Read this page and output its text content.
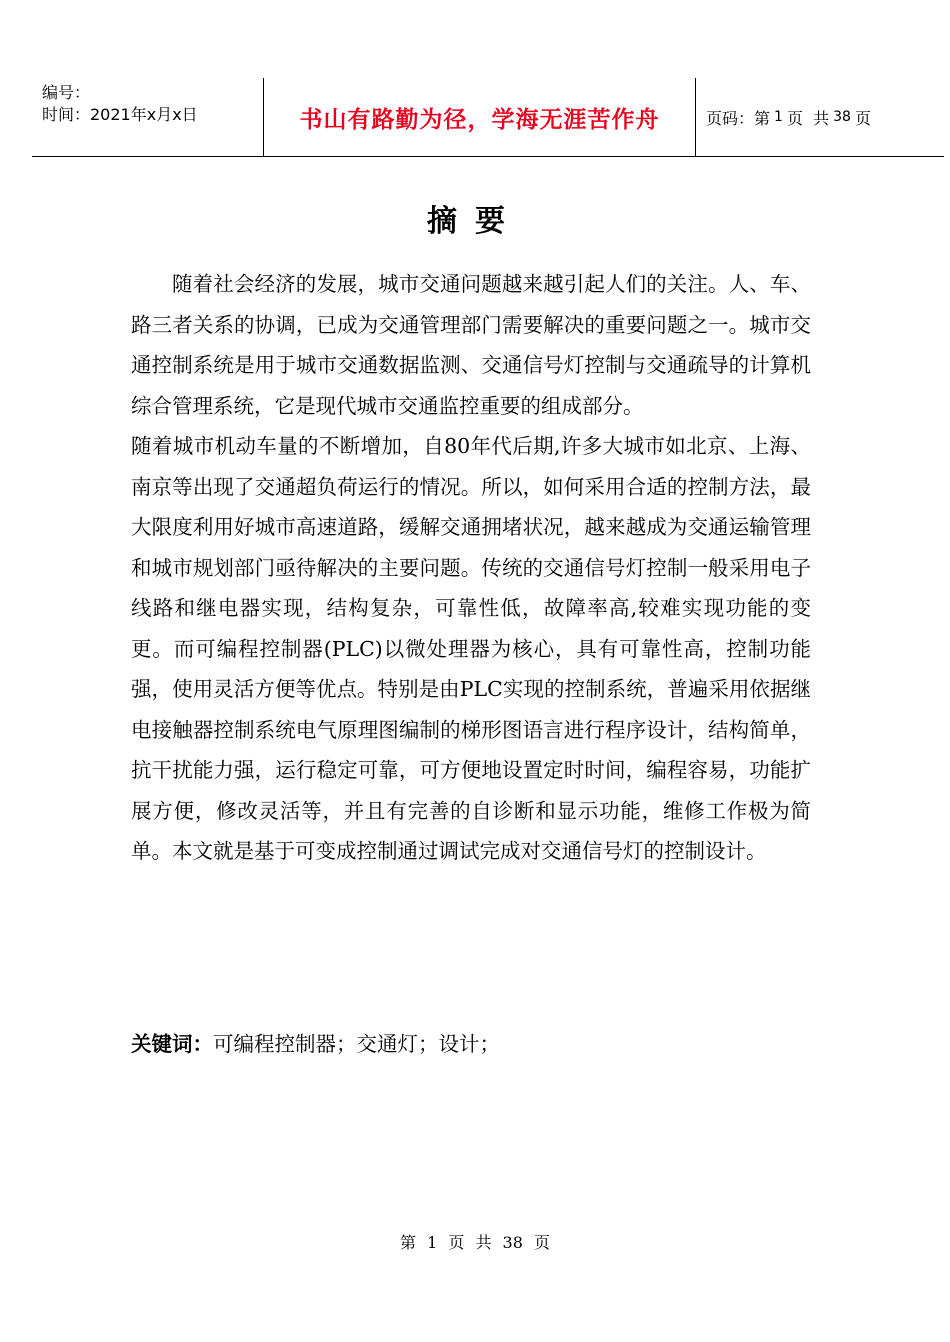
编号：
时间：2021年x月x日	书山有路勤为径，学海无涯苦作舟	页码：第 1 页  共 38 页
摘要

随着社会经济的发展，城市交通问题越来越引起人们的关注。人、车、路三者关系的协调，已成为交通管理部门需要解决的重要问题之一。城市交通控制系统是用于城市交通数据监测、交通信号灯控制与交通疏导的计算机综合管理系统，它是现代城市交通监控重要的组成部分。

随着城市机动车量的不断增加，自80年代后期,许多大城市如北京、上海、南京等出现了交通超负荷运行的情况。所以，如何采用合适的控制方法，最大限度利用好城市高速道路，缓解交通拥堵状况，越来越成为交通运输管理和城市规划部门亟待解决的主要问题。传统的交通信号灯控制一般采用电子线路和继电器实现，结构复杂，可靠性低，故障率高,较难实现功能的变更。而可编程控制器(PLC)以微处理器为核心，具有可靠性高，控制功能强，使用灵活方便等优点。特别是由PLC实现的控制系统，普遍采用依据继电接触器控制系统电气原理图编制的梯形图语言进行程序设计，结构简单，抗干扰能力强，运行稳定可靠，可方便地设置定时时间，编程容易，功能扩展方便，修改灵活等，并且有完善的自诊断和显示功能，维修工作极为简单。本文就是基于可变成控制通过调试完成对交通信号灯的控制设计。

关键词：可编程控制器；交通灯；设计；
第 1 页 共 38 页
